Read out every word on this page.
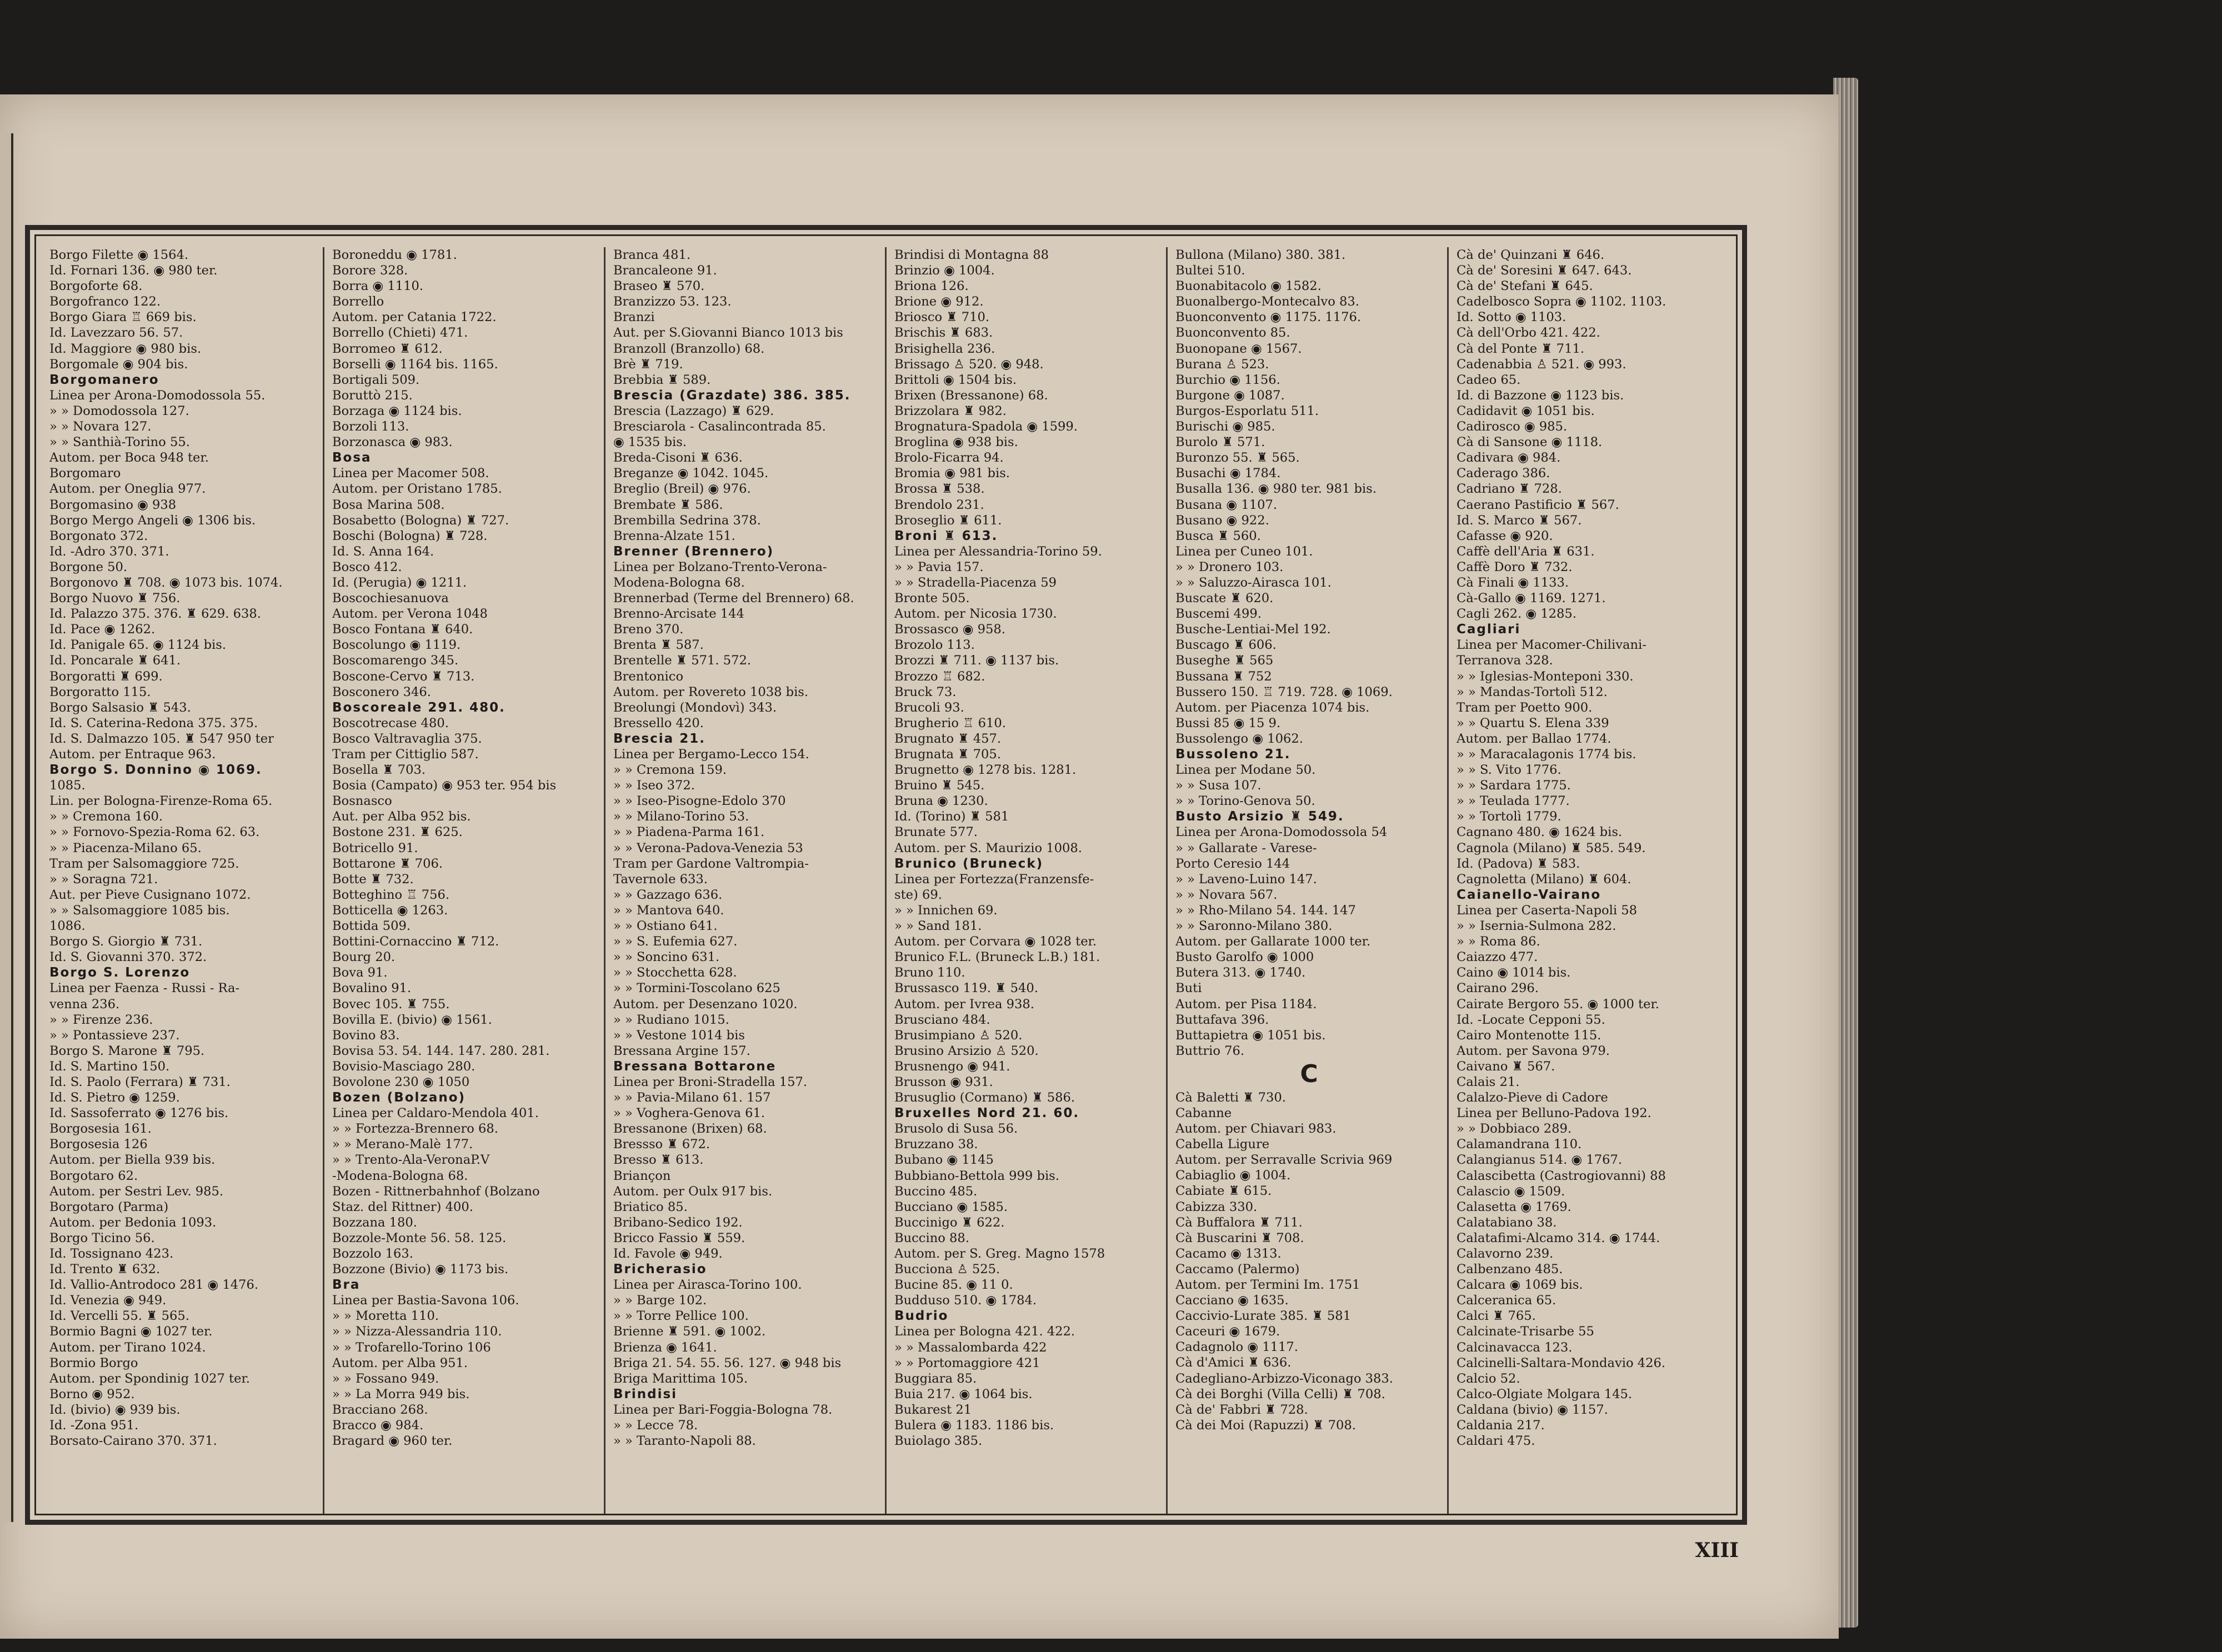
Borgo Filette ◉ 1564.
Id. Fornari 136. ◉ 980 ter.
Borgoforte 68.
Borgofranco 122.
Borgo Giara ♖ 669 bis.
Id. Lavezzaro 56. 57.
Id. Maggiore ◉ 980 bis.
Borgomale ◉ 904 bis.
Borgomanero
Linea per Arona-Domodossola 55.
» » Domodossola 127.
» » Novara 127.
» » Santhià-Torino 55.
Autom. per Boca 948 ter.
Borgomaro
Autom. per Oneglia 977.
Borgomasino ◉ 938
Borgo Mergo Angeli ◉ 1306 bis.
Borgonato 372.
Id. -Adro 370. 371.
Borgone 50.
Borgonovo ♜ 708. ◉ 1073 bis. 1074.
Borgo Nuovo ♜ 756.
Id. Palazzo 375. 376. ♜ 629. 638.
Id. Pace ◉ 1262.
Id. Panigale 65. ◉ 1124 bis.
Id. Poncarale ♜ 641.
Borgoratti ♜ 699.
Borgoratto 115.
Borgo Salsasio ♜ 543.
Id. S. Caterina-Redona 375. 375.
Id. S. Dalmazzo 105. ♜ 547 950 ter
Autom. per Entraque 963.
Borgo S. Donnino ◉ 1069.
1085.
Lin. per Bologna-Firenze-Roma 65.
» » Cremona 160.
» » Fornovo-Spezia-Roma 62. 63.
» » Piacenza-Milano 65.
Tram per Salsomaggiore 725.
» » Soragna 721.
Aut. per Pieve Cusignano 1072.
» » Salsomaggiore 1085 bis.
1086.
Borgo S. Giorgio ♜ 731.
Id. S. Giovanni 370. 372.
Borgo S. Lorenzo
Linea per Faenza - Russi - Ra-
venna 236.
» » Firenze 236.
» » Pontassieve 237.
Borgo S. Marone ♜ 795.
Id. S. Martino 150.
Id. S. Paolo (Ferrara) ♜ 731.
Id. S. Pietro ◉ 1259.
Id. Sassoferrato ◉ 1276 bis.
Borgosesia 161.
Borgosesia 126
Autom. per Biella 939 bis.
Borgotaro 62.
Autom. per Sestri Lev. 985.
Borgotaro (Parma)
Autom. per Bedonia 1093.
Borgo Ticino 56.
Id. Tossignano 423.
Id. Trento ♜ 632.
Id. Vallio-Antrodoco 281 ◉ 1476.
Id. Venezia ◉ 949.
Id. Vercelli 55. ♜ 565.
Bormio Bagni ◉ 1027 ter.
Autom. per Tirano 1024.
Bormio Borgo
Autom. per Spondinig 1027 ter.
Borno ◉ 952.
Id. (bivio) ◉ 939 bis.
Id. -Zona 951.
Borsato-Cairano 370. 371.
Boroneddu ◉ 1781.
Borore 328.
Borra ◉ 1110.
Borrello
Autom. per Catania 1722.
Borrello (Chieti) 471.
Borromeo ♜ 612.
Borselli ◉ 1164 bis. 1165.
Bortigali 509.
Boruttò 215.
Borzaga ◉ 1124 bis.
Borzoli 113.
Borzonasca ◉ 983.
Bosa
Linea per Macomer 508.
Autom. per Oristano 1785.
Bosa Marina 508.
Bosabetto (Bologna) ♜ 727.
Boschi (Bologna) ♜ 728.
Id. S. Anna 164.
Bosco 412.
Id. (Perugia) ◉ 1211.
Boscochiesanuova
Autom. per Verona 1048
Bosco Fontana ♜ 640.
Boscolungo ◉ 1119.
Boscomarengo 345.
Boscone-Cervo ♜ 713.
Bosconero 346.
Boscoreale 291. 480.
Boscotrecase 480.
Bosco Valtravaglia 375.
Tram per Cittiglio 587.
Bosella ♜ 703.
Bosia (Campato) ◉ 953 ter. 954 bis
Bosnasco
Aut. per Alba 952 bis.
Bostone 231. ♜ 625.
Botricello 91.
Bottarone ♜ 706.
Botte ♜ 732.
Botteghino ♖ 756.
Botticella ◉ 1263.
Bottida 509.
Bottini-Cornaccino ♜ 712.
Bourg 20.
Bova 91.
Bovalino 91.
Bovec 105. ♜ 755.
Bovilla E. (bivio) ◉ 1561.
Bovino 83.
Bovisa 53. 54. 144. 147. 280. 281.
Bovisio-Masciago 280.
Bovolone 230 ◉ 1050
Bozen (Bolzano)
Linea per Caldaro-Mendola 401.
» » Fortezza-Brennero 68.
» » Merano-Malè 177.
» » Trento-Ala-VeronaP.V
-Modena-Bologna 68.
Bozen - Rittnerbahnhof (Bolzano
Staz. del Rittner) 400.
Bozzana 180.
Bozzole-Monte 56. 58. 125.
Bozzolo 163.
Bozzone (Bivio) ◉ 1173 bis.
Bra
Linea per Bastia-Savona 106.
» » Moretta 110.
» » Nizza-Alessandria 110.
» » Trofarello-Torino 106
Autom. per Alba 951.
» » Fossano 949.
» » La Morra 949 bis.
Bracciano 268.
Bracco ◉ 984.
Bragard ◉ 960 ter.
Branca 481.
Brancaleone 91.
Braseo ♜ 570.
Branzizzo 53. 123.
Branzi
Aut. per S.Giovanni Bianco 1013 bis
Branzoll (Branzollo) 68.
Brè ♜ 719.
Brebbia ♜ 589.
Brescia (Grazdate) 386. 385.
Brescia (Lazzago) ♜ 629.
Bresciarola - Casalincontrada 85.
◉ 1535 bis.
Breda-Cisoni ♜ 636.
Breganze ◉ 1042. 1045.
Breglio (Breil) ◉ 976.
Brembate ♜ 586.
Brembilla Sedrina 378.
Brenna-Alzate 151.
Brenner (Brennero)
Linea per Bolzano-Trento-Verona-
Modena-Bologna 68.
Brennerbad (Terme del Brennero) 68.
Brenno-Arcisate 144
Breno 370.
Brenta ♜ 587.
Brentelle ♜ 571. 572.
Brentonico
Autom. per Rovereto 1038 bis.
Breolungi (Mondovì) 343.
Bressello 420.
Brescia 21.
Linea per Bergamo-Lecco 154.
» » Cremona 159.
» » Iseo 372.
» » Iseo-Pisogne-Edolo 370
» » Milano-Torino 53.
» » Piadena-Parma 161.
» » Verona-Padova-Venezia 53
Tram per Gardone Valtrompia-
Tavernole 633.
» » Gazzago 636.
» » Mantova 640.
» » Ostiano 641.
» » S. Eufemia 627.
» » Soncino 631.
» » Stocchetta 628.
» » Tormini-Toscolano 625
Autom. per Desenzano 1020.
» » Rudiano 1015.
» » Vestone 1014 bis
Bressana Argine 157.
Bressana Bottarone
Linea per Broni-Stradella 157.
» » Pavia-Milano 61. 157
» » Voghera-Genova 61.
Bressanone (Brixen) 68.
Bressso ♜ 672.
Bresso ♜ 613.
Briançon
Autom. per Oulx 917 bis.
Briatico 85.
Bribano-Sedico 192.
Bricco Fassio ♜ 559.
Id. Favole ◉ 949.
Bricherasio
Linea per Airasca-Torino 100.
» » Barge 102.
» » Torre Pellice 100.
Brienne ♜ 591. ◉ 1002.
Brienza ◉ 1641.
Briga 21. 54. 55. 56. 127. ◉ 948 bis
Briga Marittima 105.
Brindisi
Linea per Bari-Foggia-Bologna 78.
» » Lecce 78.
» » Taranto-Napoli 88.
Brindisi di Montagna 88
Brinzio ◉ 1004.
Briona 126.
Brione ◉ 912.
Briosco ♜ 710.
Brischis ♜ 683.
Brisighella 236.
Brissago ♙ 520. ◉ 948.
Brittoli ◉ 1504 bis.
Brixen (Bressanone) 68.
Brizzolara ♜ 982.
Brognatura-Spadola ◉ 1599.
Broglina ◉ 938 bis.
Brolo-Ficarra 94.
Bromia ◉ 981 bis.
Brossa ♜ 538.
Brendolo 231.
Broseglio ♜ 611.
Broni ♜ 613.
Linea per Alessandria-Torino 59.
» » Pavia 157.
» » Stradella-Piacenza 59
Bronte 505.
Autom. per Nicosia 1730.
Brossasco ◉ 958.
Brozolo 113.
Brozzi ♜ 711. ◉ 1137 bis.
Brozzo ♖ 682.
Bruck 73.
Brucoli 93.
Brugherio ♖ 610.
Brugnato ♜ 457.
Brugnata ♜ 705.
Brugnetto ◉ 1278 bis. 1281.
Bruino ♜ 545.
Bruna ◉ 1230.
Id. (Torino) ♜ 581
Brunate 577.
Autom. per S. Maurizio 1008.
Brunico (Bruneck)
Linea per Fortezza(Franzensfe-
ste) 69.
» » Innichen 69.
» » Sand 181.
Autom. per Corvara ◉ 1028 ter.
Brunico F.L. (Bruneck L.B.) 181.
Bruno 110.
Brussasco 119. ♜ 540.
Autom. per Ivrea 938.
Brusciano 484.
Brusimpiano ♙ 520.
Brusino Arsizio ♙ 520.
Brusnengo ◉ 941.
Brusson ◉ 931.
Brusuglio (Cormano) ♜ 586.
Bruxelles Nord 21. 60.
Brusolo di Susa 56.
Bruzzano 38.
Bubano ◉ 1145
Bubbiano-Bettola 999 bis.
Buccino 485.
Bucciano ◉ 1585.
Buccinigo ♜ 622.
Buccino 88.
Autom. per S. Greg. Magno 1578
Bucciona ♙ 525.
Bucine 85. ◉ 11 0.
Budduso 510. ◉ 1784.
Budrio
Linea per Bologna 421. 422.
» » Massalombarda 422
» » Portomaggiore 421
Buggiara 85.
Buia 217. ◉ 1064 bis.
Bukarest 21
Bulera ◉ 1183. 1186 bis.
Buiolago 385.
Bullona (Milano) 380. 381.
Bultei 510.
Buonabitacolo ◉ 1582.
Buonalbergo-Montecalvo 83.
Buonconvento ◉ 1175. 1176.
Buonconvento 85.
Buonopane ◉ 1567.
Burana ♙ 523.
Burchio ◉ 1156.
Burgone ◉ 1087.
Burgos-Esporlatu 511.
Burischi ◉ 985.
Burolo ♜ 571.
Buronzo 55. ♜ 565.
Busachi ◉ 1784.
Busalla 136. ◉ 980 ter. 981 bis.
Busana ◉ 1107.
Busano ◉ 922.
Busca ♜ 560.
Linea per Cuneo 101.
» » Dronero 103.
» » Saluzzo-Airasca 101.
Buscate ♜ 620.
Buscemi 499.
Busche-Lentiai-Mel 192.
Buscago ♜ 606.
Buseghe ♜ 565
Bussana ♜ 752
Bussero 150. ♖ 719. 728. ◉ 1069.
Autom. per Piacenza 1074 bis.
Bussi 85 ◉ 15 9.
Bussolengo ◉ 1062.
Bussoleno 21.
Linea per Modane 50.
» » Susa 107.
» » Torino-Genova 50.
Busto Arsizio ♜ 549.
Linea per Arona-Domodossola 54
» » Gallarate - Varese-
Porto Ceresio 144
» » Laveno-Luino 147.
» » Novara 567.
» » Rho-Milano 54. 144. 147
» » Saronno-Milano 380.
Autom. per Gallarate 1000 ter.
Busto Garolfo ◉ 1000
Butera 313. ◉ 1740.
Buti
Autom. per Pisa 1184.
Buttafava 396.
Buttapietra ◉ 1051 bis.
Buttrio 76.
C
Cà Baletti ♜ 730.
Cabanne
Autom. per Chiavari 983.
Cabella Ligure
Autom. per Serravalle Scrivia 969
Cabiaglio ◉ 1004.
Cabiate ♜ 615.
Cabizza 330.
Cà Buffalora ♜ 711.
Cà Buscarini ♜ 708.
Cacamo ◉ 1313.
Caccamo (Palermo)
Autom. per Termini Im. 1751
Cacciano ◉ 1635.
Caccivio-Lurate 385. ♜ 581
Caceuri ◉ 1679.
Cadagnolo ◉ 1117.
Cà d'Amici ♜ 636.
Cadegliano-Arbizzo-Viconago 383.
Cà dei Borghi (Villa Celli) ♜ 708.
Cà de' Fabbri ♜ 728.
Cà dei Moi (Rapuzzi) ♜ 708.
Cà de' Quinzani ♜ 646.
Cà de' Soresini ♜ 647. 643.
Cà de' Stefani ♜ 645.
Cadelbosco Sopra ◉ 1102. 1103.
Id. Sotto ◉ 1103.
Cà dell'Orbo 421. 422.
Cà del Ponte ♜ 711.
Cadenabbia ♙ 521. ◉ 993.
Cadeo 65.
Id. di Bazzone ◉ 1123 bis.
Cadidavit ◉ 1051 bis.
Cadirosco ◉ 985.
Cà di Sansone ◉ 1118.
Cadivara ◉ 984.
Caderago 386.
Cadriano ♜ 728.
Caerano Pastificio ♜ 567.
Id. S. Marco ♜ 567.
Cafasse ◉ 920.
Caffè dell'Aria ♜ 631.
Caffè Doro ♜ 732.
Cà Finali ◉ 1133.
Cà-Gallo ◉ 1169. 1271.
Cagli 262. ◉ 1285.
Cagliari
Linea per Macomer-Chilivani-
Terranova 328.
» » Iglesias-Monteponi 330.
» » Mandas-Tortolì 512.
Tram per Poetto 900.
» » Quartu S. Elena 339
Autom. per Ballao 1774.
» » Maracalagonis 1774 bis.
» » S. Vito 1776.
» » Sardara 1775.
» » Teulada 1777.
» » Tortolì 1779.
Cagnano 480. ◉ 1624 bis.
Cagnola (Milano) ♜ 585. 549.
Id. (Padova) ♜ 583.
Cagnoletta (Milano) ♜ 604.
Caianello-Vairano
Linea per Caserta-Napoli 58
» » Isernia-Sulmona 282.
» » Roma 86.
Caiazzo 477.
Caino ◉ 1014 bis.
Cairano 296.
Cairate Bergoro 55. ◉ 1000 ter.
Id. -Locate Cepponi 55.
Cairo Montenotte 115.
Autom. per Savona 979.
Caivano ♜ 567.
Calais 21.
Calalzo-Pieve di Cadore
Linea per Belluno-Padova 192.
» » Dobbiaco 289.
Calamandrana 110.
Calangianus 514. ◉ 1767.
Calascibetta (Castrogiovanni) 88
Calascio ◉ 1509.
Calasetta ◉ 1769.
Calatabiano 38.
Calatafimi-Alcamo 314. ◉ 1744.
Calavorno 239.
Calbenzano 485.
Calcara ◉ 1069 bis.
Calceranica 65.
Calci ♜ 765.
Calcinate-Trisarbe 55
Calcinavacca 123.
Calcinelli-Saltara-Mondavio 426.
Calcio 52.
Calco-Olgiate Molgara 145.
Caldana (bivio) ◉ 1157.
Caldania 217.
Caldari 475.
XIII
